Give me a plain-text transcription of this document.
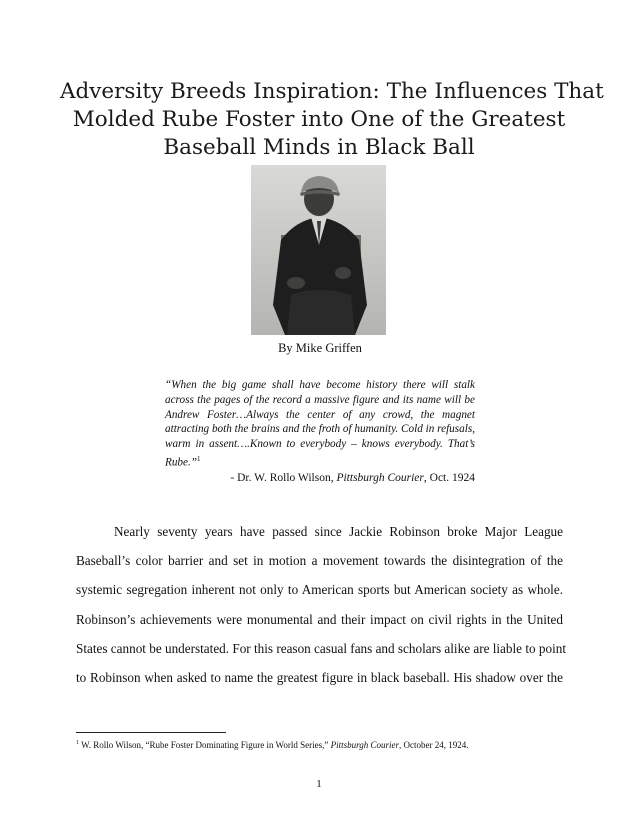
Adversity Breeds Inspiration: The Influences That
Molded Rube Foster into One of the Greatest
Baseball Minds in Black Ball
By Mike Griffen
“When the big game shall have become history there will stalk across the pages of the record a massive figure and its name will be Andrew Foster…Always the center of any crowd, the magnet attracting both the brains and the froth of humanity. Cold in refusals, warm in assent….Known to everybody – knows everybody. That’s Rube.”$^1$
- Dr. W. Rollo Wilson, Pittsburgh Courier, Oct. 1924
Nearly seventy years have passed since Jackie Robinson broke Major League
Baseball’s color barrier and set in motion a movement towards the disintegration of the
systemic segregation inherent not only to American sports but American society as whole.
Robinson’s achievements were monumental and their impact on civil rights in the United
States cannot be understated. For this reason casual fans and scholars alike are liable to point
to Robinson when asked to name the greatest figure in black baseball. His shadow over the
$^1$ W. Rollo Wilson, “Rube Foster Dominating Figure in World Series,” Pittsburgh Courier, October 24, 1924.
1
